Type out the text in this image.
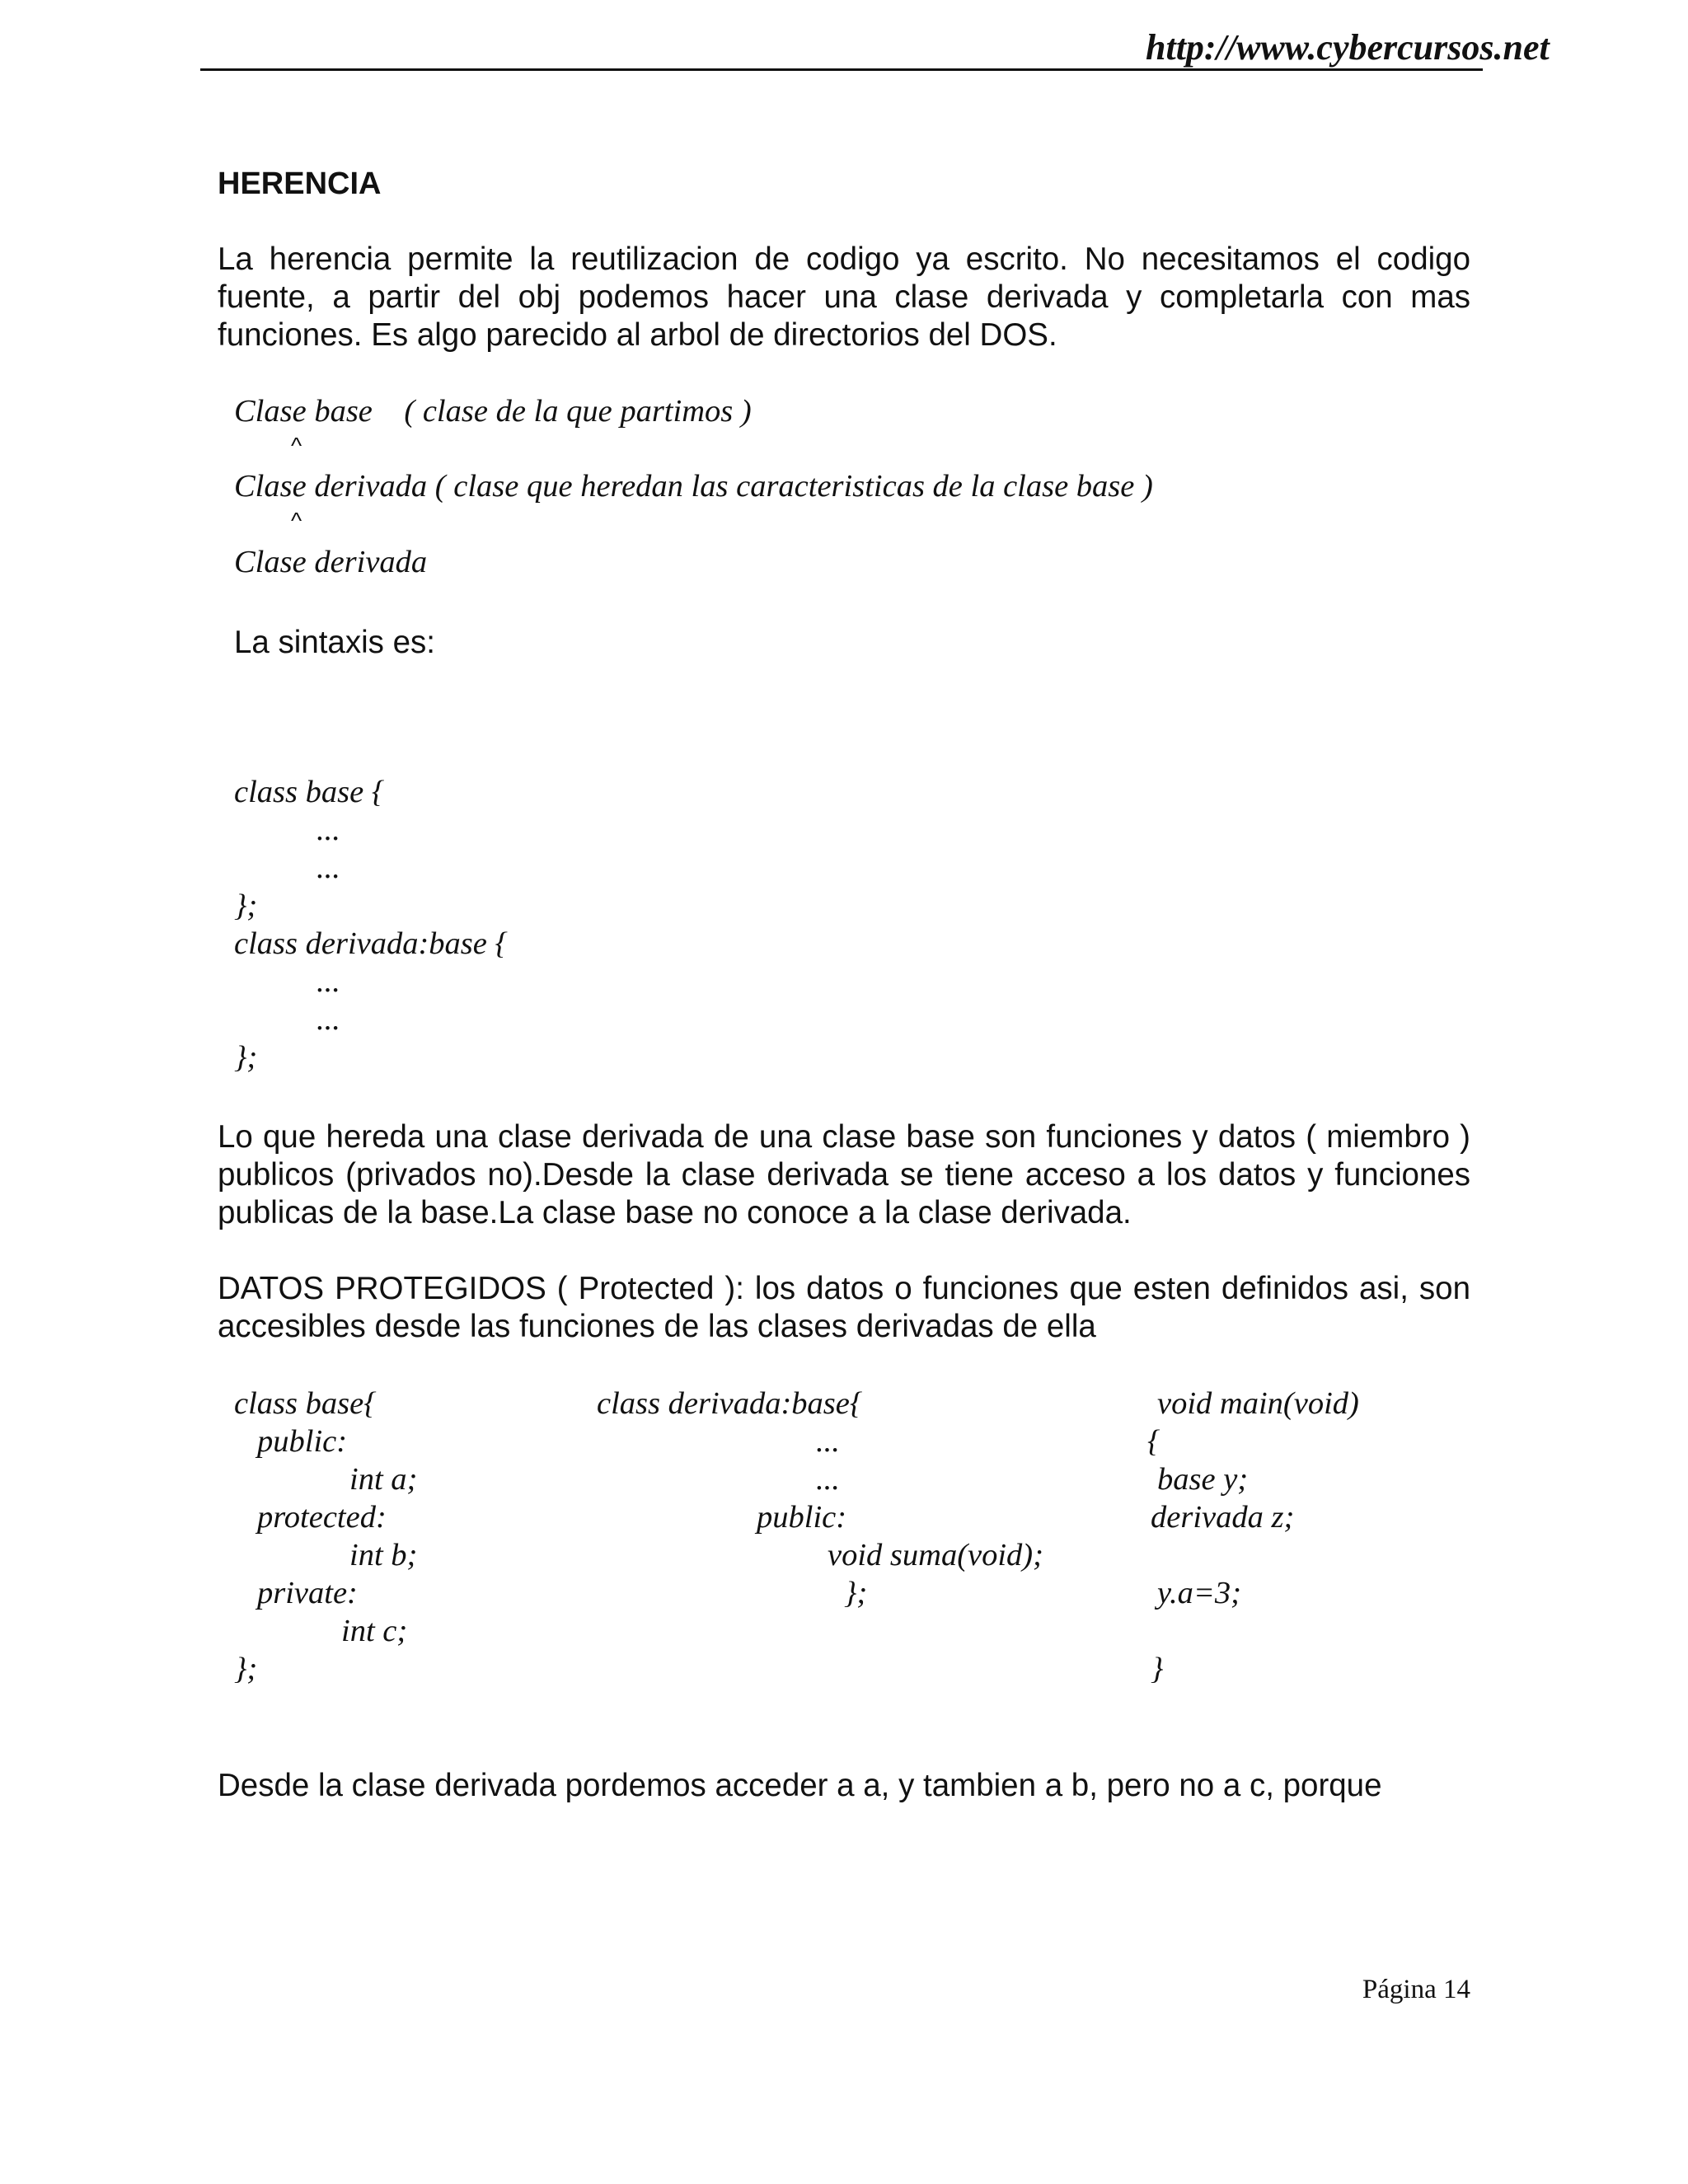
http://www.cybercursos.net
HERENCIA
La herencia permite la reutilizacion de codigo ya escrito. No necesitamos el codigo fuente, a partir del obj podemos hacer una clase derivada y completarla con mas funciones. Es algo parecido al arbol de directorios del DOS.
Clase base    ( clase de la que partimos )
^
Clase derivada ( clase que heredan las caracteristicas de la clase base )
^
Clase derivada
La sintaxis es:
class base {
...
...
};
class derivada:base {
...
...
};
Lo que hereda una clase derivada de una clase base son funciones y datos ( miembro ) publicos (privados no).Desde la clase derivada se tiene acceso a los datos y funciones publicas de la base.La clase base no conoce a la clase derivada.
DATOS PROTEGIDOS ( Protected ): los datos o funciones que esten definidos asi, son accesibles desde las funciones de las clases derivadas de ella
class base{
public:
int a;
protected:
int b;
private:
int c;
};
class derivada:base{
...
...
public:
void suma(void);
};
void main(void)
{
base y;
derivada z;
y.a=3;
}
Desde la clase derivada pordemos acceder a a, y tambien a b, pero no a c, porque
Página 14
